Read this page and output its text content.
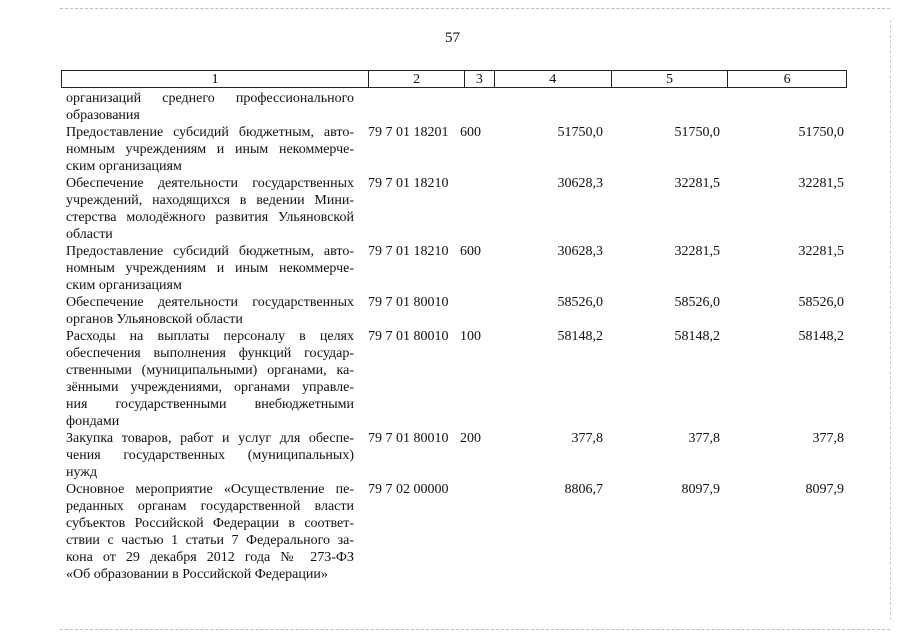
57
1	2	3	4	5	6
организаций среднего профессионального
образования
Предоставление субсидий бюджетным, авто-
номным учреждениям и иным некоммерче-
ским организациям
79 7 01 18201 600	51750,0	51750,0	51750,0
Обеспечение деятельности государственных
учреждений, находящихся в ведении Мини-
стерства молодёжного развития Ульяновской
области
79 7 01 18210	30628,3	32281,5	32281,5
Предоставление субсидий бюджетным, авто-
номным учреждениям и иным некоммерче-
ским организациям
79 7 01 18210 600	30628,3	32281,5	32281,5
Обеспечение деятельности государственных
органов Ульяновской области
79 7 01 80010	58526,0	58526,0	58526,0
Расходы на выплаты персоналу в целях
обеспечения выполнения функций государ-
ственными (муниципальными) органами, ка-
зёнными учреждениями, органами управле-
ния государственными внебюджетными
фондами
79 7 01 80010 100	58148,2	58148,2	58148,2
Закупка товаров, работ и услуг для обеспе-
чения государственных (муниципальных)
нужд
79 7 01 80010 200	377,8	377,8	377,8
Основное мероприятие «Осуществление пе-
реданных органам государственной власти
субъектов Российской Федерации в соответ-
ствии с частью 1 статьи 7 Федерального за-
кона от 29 декабря 2012 года № 273-ФЗ
«Об образовании в Российской Федерации»
79 7 02 00000	8806,7	8097,9	8097,9
